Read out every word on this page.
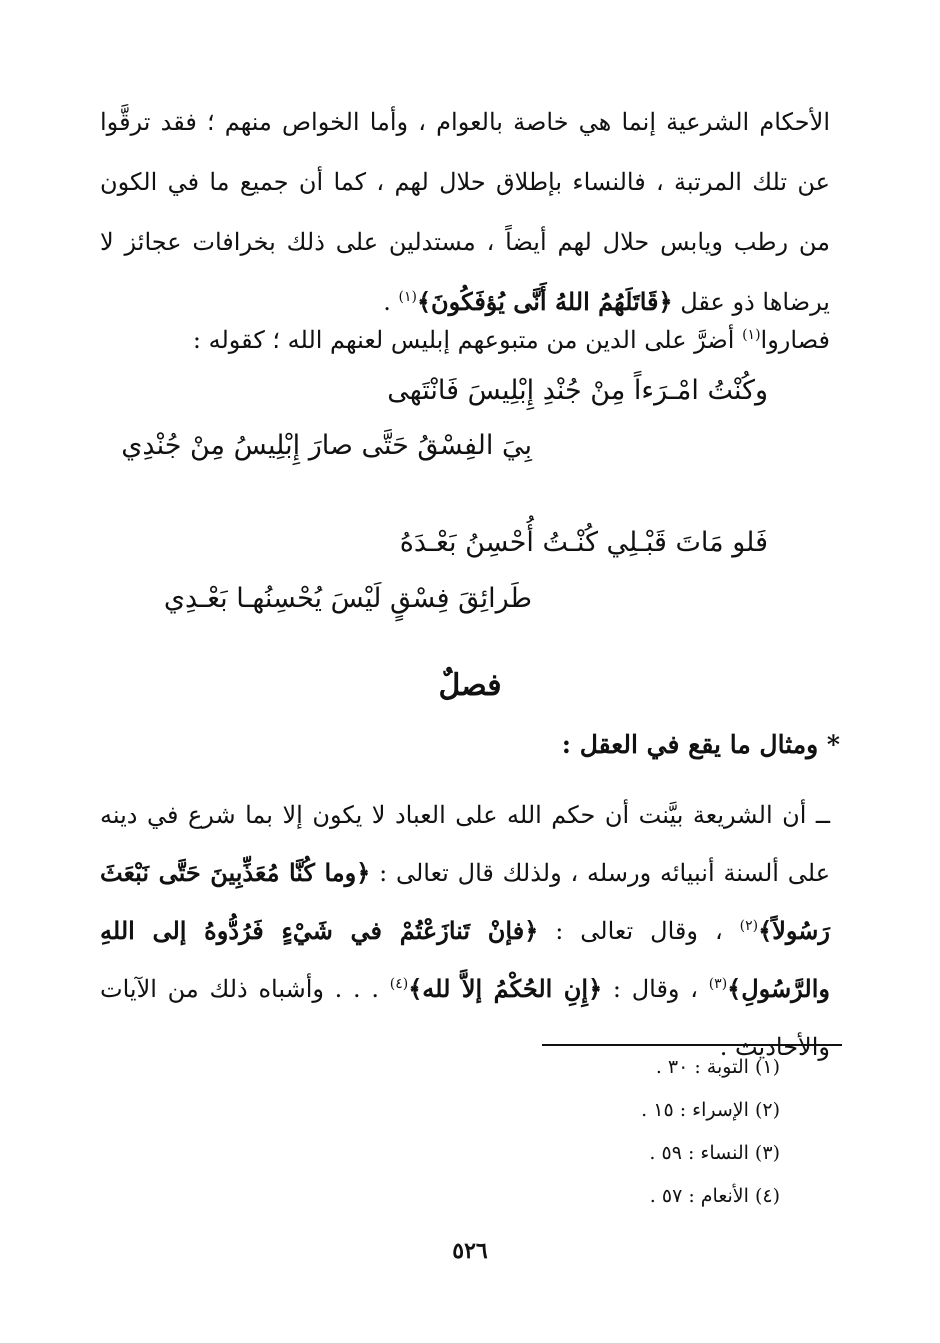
الأحكام الشرعية إنما هي خاصة بالعوام ، وأما الخواص منهم ؛ فقد ترقَّوا عن تلك المرتبة ، فالنساء بإطلاق حلال لهم ، كما أن جميع ما في الكون من رطب ويابس حلال لهم أيضاً ، مستدلين على ذلك بخرافات عجائز لا يرضاها ذو عقل ﴿قَاتَلَهُمُ اللهُ أَنَّى يُؤفَكُونَ﴾$^{(١)}$ .

فصاروا$^{(١)}$ أضرَّ على الدين من متبوعهم إبليس لعنهم الله ؛ كقوله :

وكُنْتُ امْـرَءاً مِنْ جُنْدِ إِبْلِيسَ فَانْتَهى

بِيَ الفِسْقُ حَتَّى صارَ إِبْلِيسُ مِنْ جُنْدِي

فَلو مَاتَ قَبْـلِي كُنْـتُ أُحْسِنُ بَعْـدَهُ

طَرائِقَ فِسْقٍ لَيْسَ يُحْسِنُهـا بَعْـدِي

فصلٌ

* ومثال ما يقع في العقل :

ــ أن الشريعة بيَّنت أن حكم الله على العباد لا يكون إلا بما شرع في دينه على ألسنة أنبيائه ورسله ، ولذلك قال تعالى : ﴿وما كُنَّا مُعَذِّبِينَ حَتَّى نَبْعَثَ رَسُولاً﴾$^{(٢)}$ ، وقال تعالى : ﴿فإنْ تَنازَعْتُمْ في شَيْءٍ فَرُدُّوهُ إلى اللهِ والرَّسُولِ﴾$^{(٣)}$ ، وقال : ﴿إِنِ الحُكْمُ إلاَّ لله﴾$^{(٤)}$ . . . وأشباه ذلك من الآيات والأحاديث .

(١) التوبة : ٣٠ .
(٢) الإسراء : ١٥ .
(٣) النساء : ٥٩ .
(٤) الأنعام : ٥٧ .
٥٢٦
